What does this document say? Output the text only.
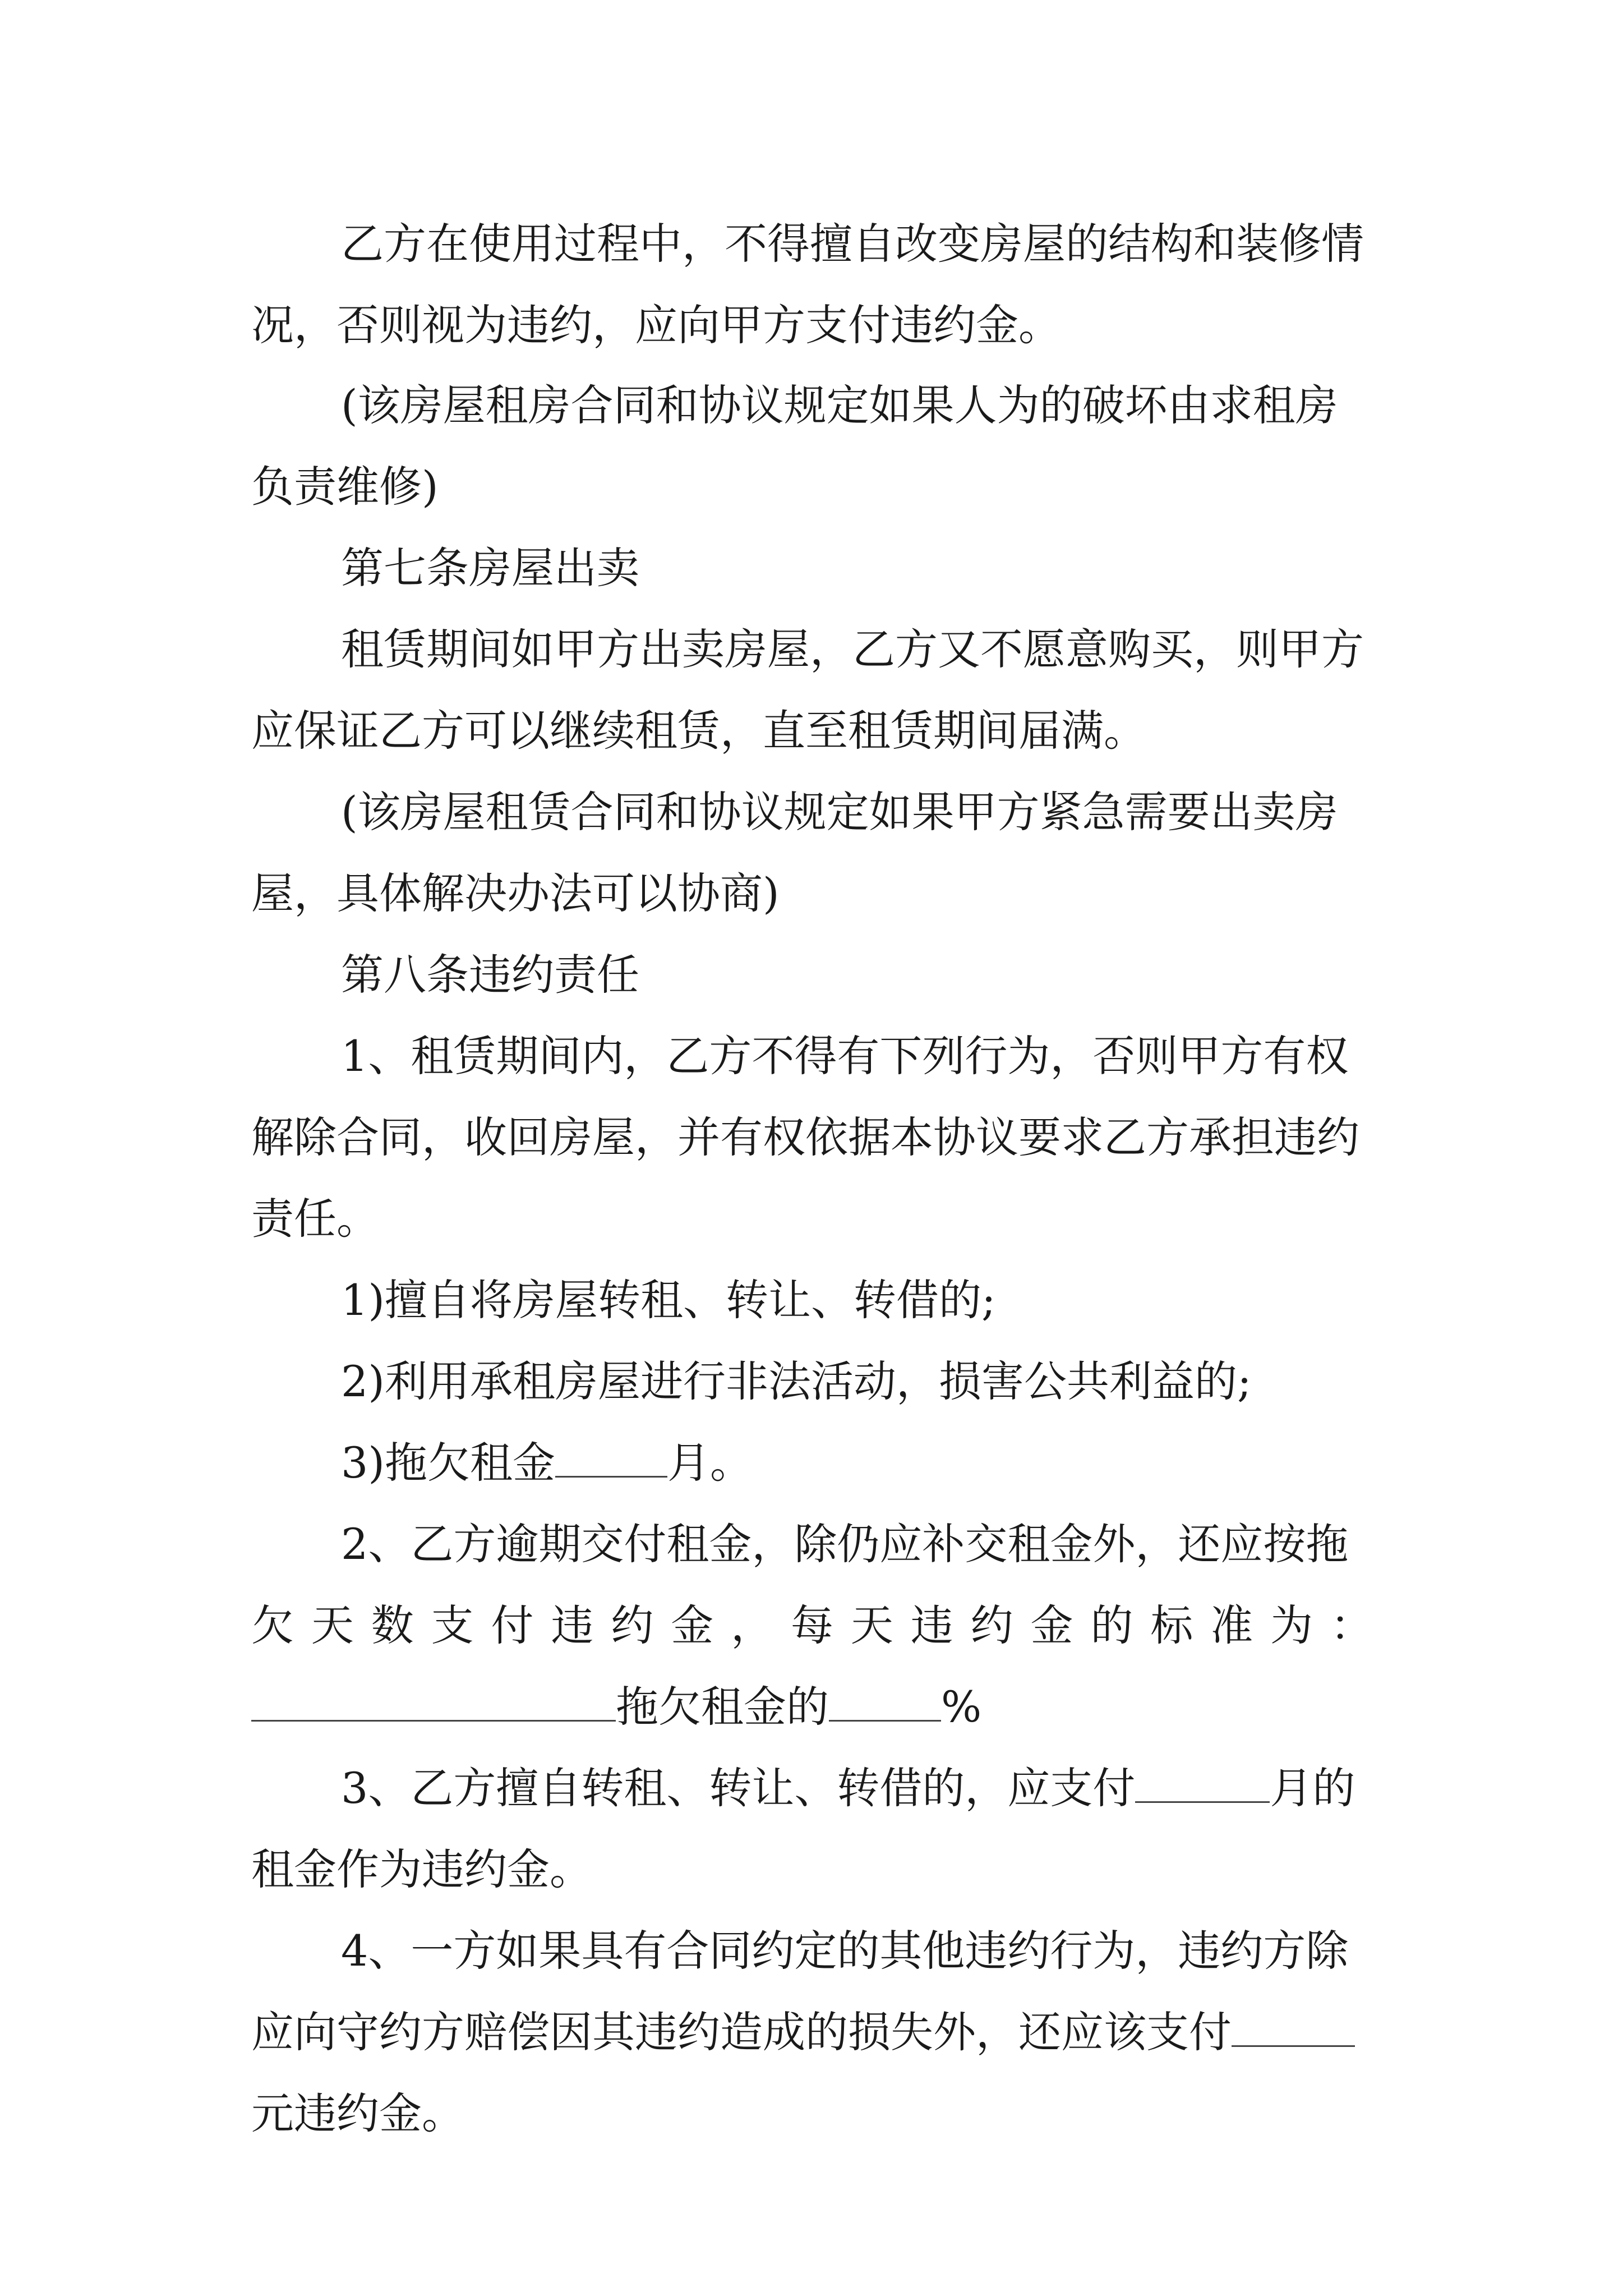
乙方在使用过程中，不得擅自改变房屋的结构和装修情况，否则视为违约，应向甲方支付违约金。
(该房屋租房合同和协议规定如果人为的破坏由求租房负责维修)
第七条房屋出卖
租赁期间如甲方出卖房屋，乙方又不愿意购买，则甲方应保证乙方可以继续租赁，直至租赁期间届满。
(该房屋租赁合同和协议规定如果甲方紧急需要出卖房屋，具体解决办法可以协商)
第八条违约责任
1、租赁期间内，乙方不得有下列行为，否则甲方有权解除合同，收回房屋，并有权依据本协议要求乙方承担违约责任。
1)擅自将房屋转租、转让、转借的;
2)利用承租房屋进行非法活动，损害公共利益的;
3)拖欠租金	月。
2、乙方逾期交付租金，除仍应补交租金外，还应按拖
欠天数支付违约金，每天违约金的标准为：
拖欠租金的	%
3、乙方擅自转租、转让、转借的，应支付	月的
租金作为违约金。
4、一方如果具有合同约定的其他违约行为，违约方除
应向守约方赔偿因其违约造成的损失外，还应该支付
元违约金。
